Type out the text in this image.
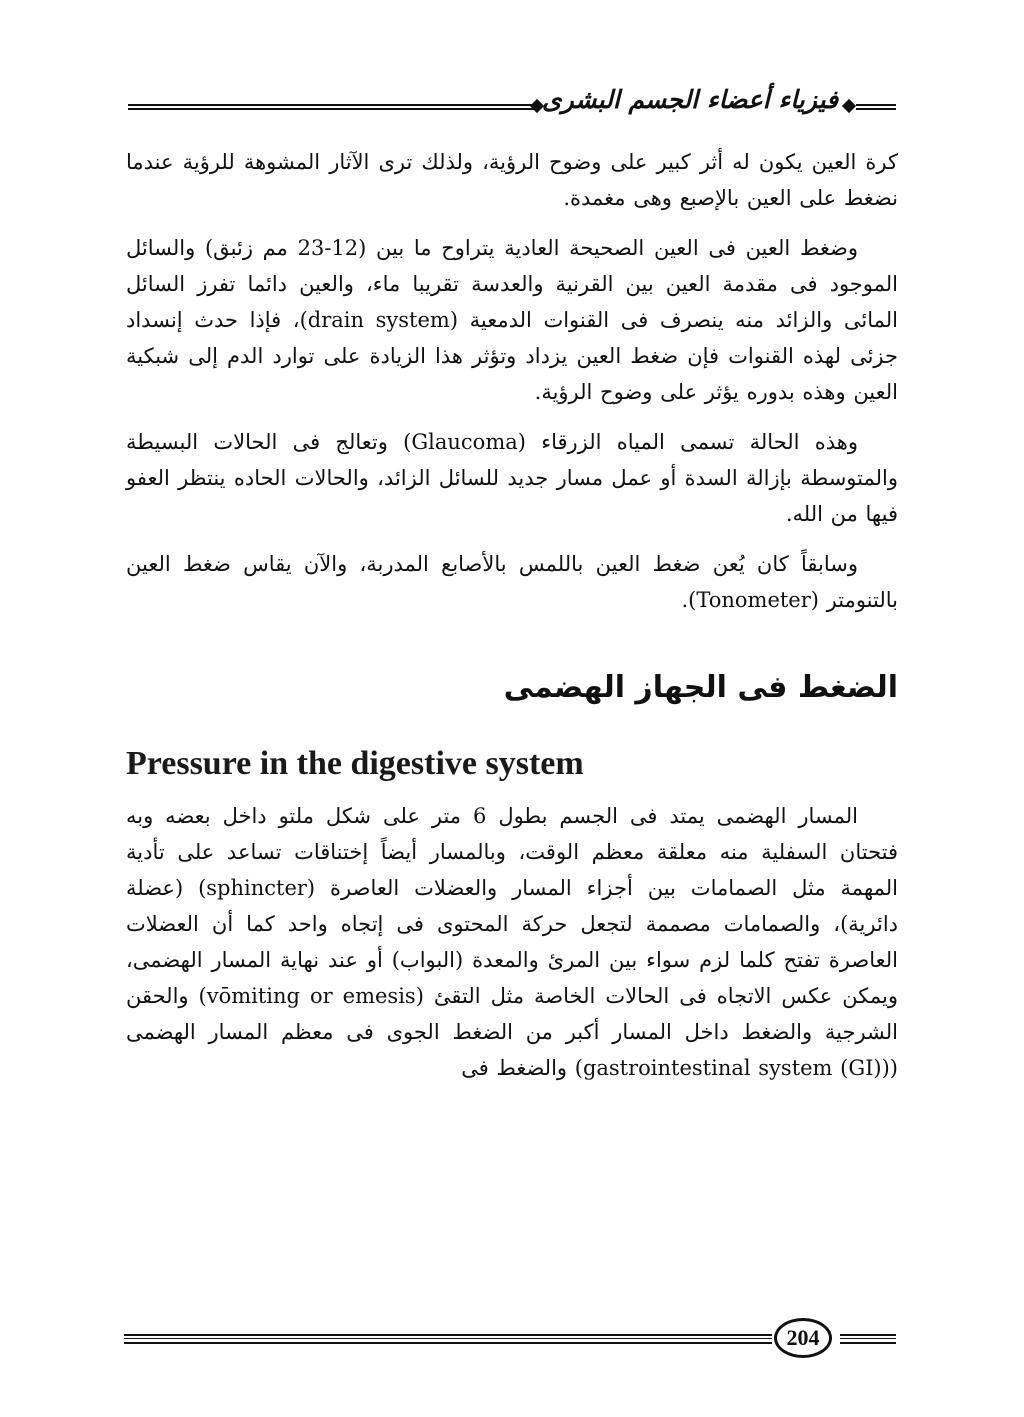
فيزياء أعضاء الجسم البشرى

كرة العين يكون له أثر كبير على وضوح الرؤية، ولذلك ترى الآثار المشوهة للرؤية عندما نضغط على العين بالإصبع وهى مغمدة.

وضغط العين فى العين الصحيحة العادية يتراوح ما بين (23-12 مم زئبق) والسائل الموجود فى مقدمة العين بين القرنية والعدسة تقريبا ماء، والعين دائما تفرز السائل المائى والزائد منه ينصرف فى القنوات الدمعية (drain system)، فإذا حدث إنسداد جزئى لهذه القنوات فإن ضغط العين يزداد وتؤثر هذا الزيادة على توارد الدم إلى شبكية العين وهذه بدوره يؤثر على وضوح الرؤية.

وهذه الحالة تسمى المياه الزرقاء (Glaucoma) وتعالج فى الحالات البسيطة والمتوسطة بإزالة السدة أو عمل مسار جديد للسائل الزائد، والحالات الحاده ينتظر العفو فيها من الله.

وسابقاً كان يُعن ضغط العين باللمس بالأصابع المدربة، والآن يقاس ضغط العين بالتنومتر (Tonometer).

الضغط فى الجهاز الهضمى
Pressure in the digestive system

المسار الهضمى يمتد فى الجسم بطول 6 متر على شكل ملتو داخل بعضه وبه فتحتان السفلية منه معلقة معظم الوقت، وبالمسار أيضاً إختناقات تساعد على تأدية المهمة مثل الصمامات بين أجزاء المسار والعضلات العاصرة (sphincter) (عضلة دائرية)، والصمامات مصممة لتجعل حركة المحتوى فى إتجاه واحد كما أن العضلات العاصرة تفتح كلما لزم سواء بين المرئ والمعدة (البواب) أو عند نهاية المسار الهضمى، ويمكن عكس الاتجاه فى الحالات الخاصة مثل التقئ (vōmiting or emesis) والحقن الشرجية والضغط داخل المسار أكبر من الضغط الجوى فى معظم المسار الهضمى ((gastrointestinal system (GI)) والضغط فى

204
